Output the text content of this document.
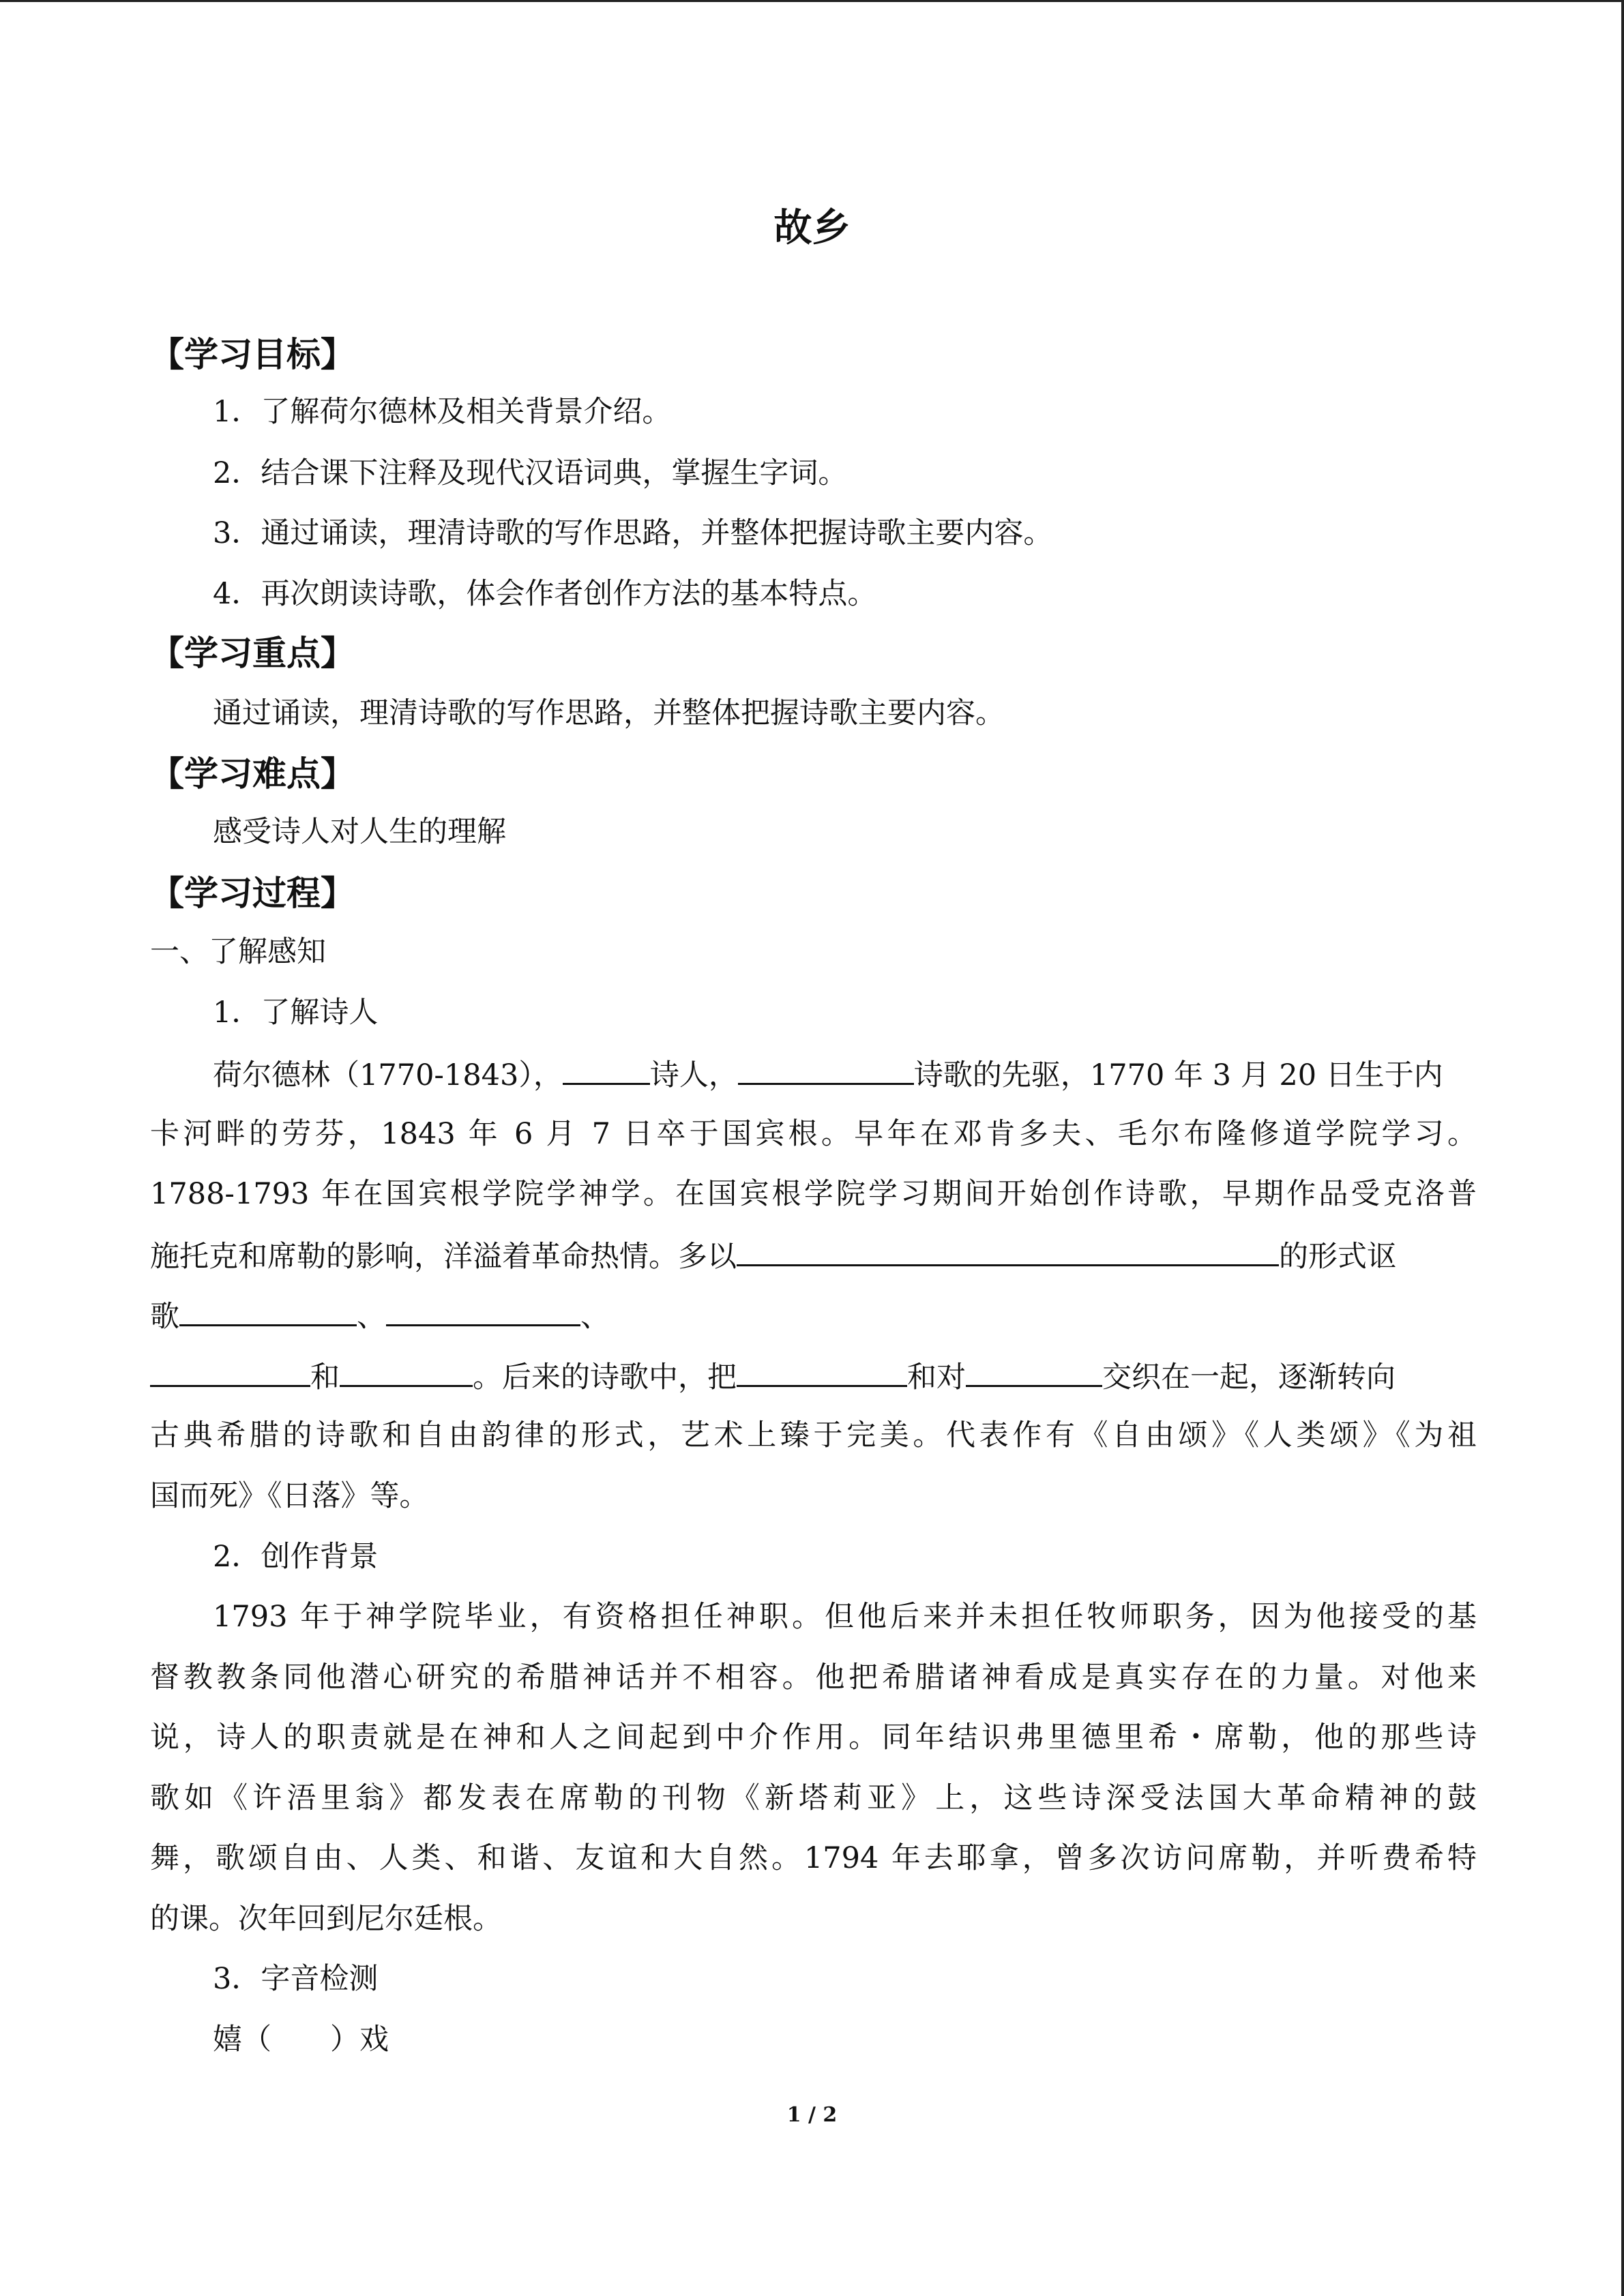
故乡
【学习目标】
1．了解荷尔德林及相关背景介绍。
2．结合课下注释及现代汉语词典，掌握生字词。
3．通过诵读，理清诗歌的写作思路，并整体把握诗歌主要内容。
4．再次朗读诗歌，体会作者创作方法的基本特点。
【学习重点】
通过诵读，理清诗歌的写作思路，并整体把握诗歌主要内容。
【学习难点】
感受诗人对人生的理解
【学习过程】
一、了解感知
1．了解诗人
荷尔德林（1770-1843），	诗人，	诗歌的先驱，1770 年 3 月 20 日生于内
卡河畔的劳芬，1843 年 6 月 7 日卒于国宾根。早年在邓肯多夫、毛尔布隆修道学院学习。
1788-1793 年在国宾根学院学神学。在国宾根学院学习期间开始创作诗歌，早期作品受克洛普
施托克和席勒的影响，洋溢着革命热情。多以	的形式讴
歌	、	、
和	。后来的诗歌中，把	和对	交织在一起，逐渐转向
古典希腊的诗歌和自由韵律的形式，艺术上臻于完美。代表作有《自由颂》《人类颂》《为祖
国而死》《日落》等。
2．创作背景
1793 年于神学院毕业，有资格担任神职。但他后来并未担任牧师职务，因为他接受的基
督教教条同他潜心研究的希腊神话并不相容。他把希腊诸神看成是真实存在的力量。对他来
说，诗人的职责就是在神和人之间起到中介作用。同年结识弗里德里希・席勒，他的那些诗
歌如《许浯里翁》都发表在席勒的刊物《新塔莉亚》上，这些诗深受法国大革命精神的鼓
舞，歌颂自由、人类、和谐、友谊和大自然。1794 年去耶拿，曾多次访问席勒，并听费希特
的课。次年回到尼尔廷根。
3．字音检测
嬉（　　）戏
1 / 2
